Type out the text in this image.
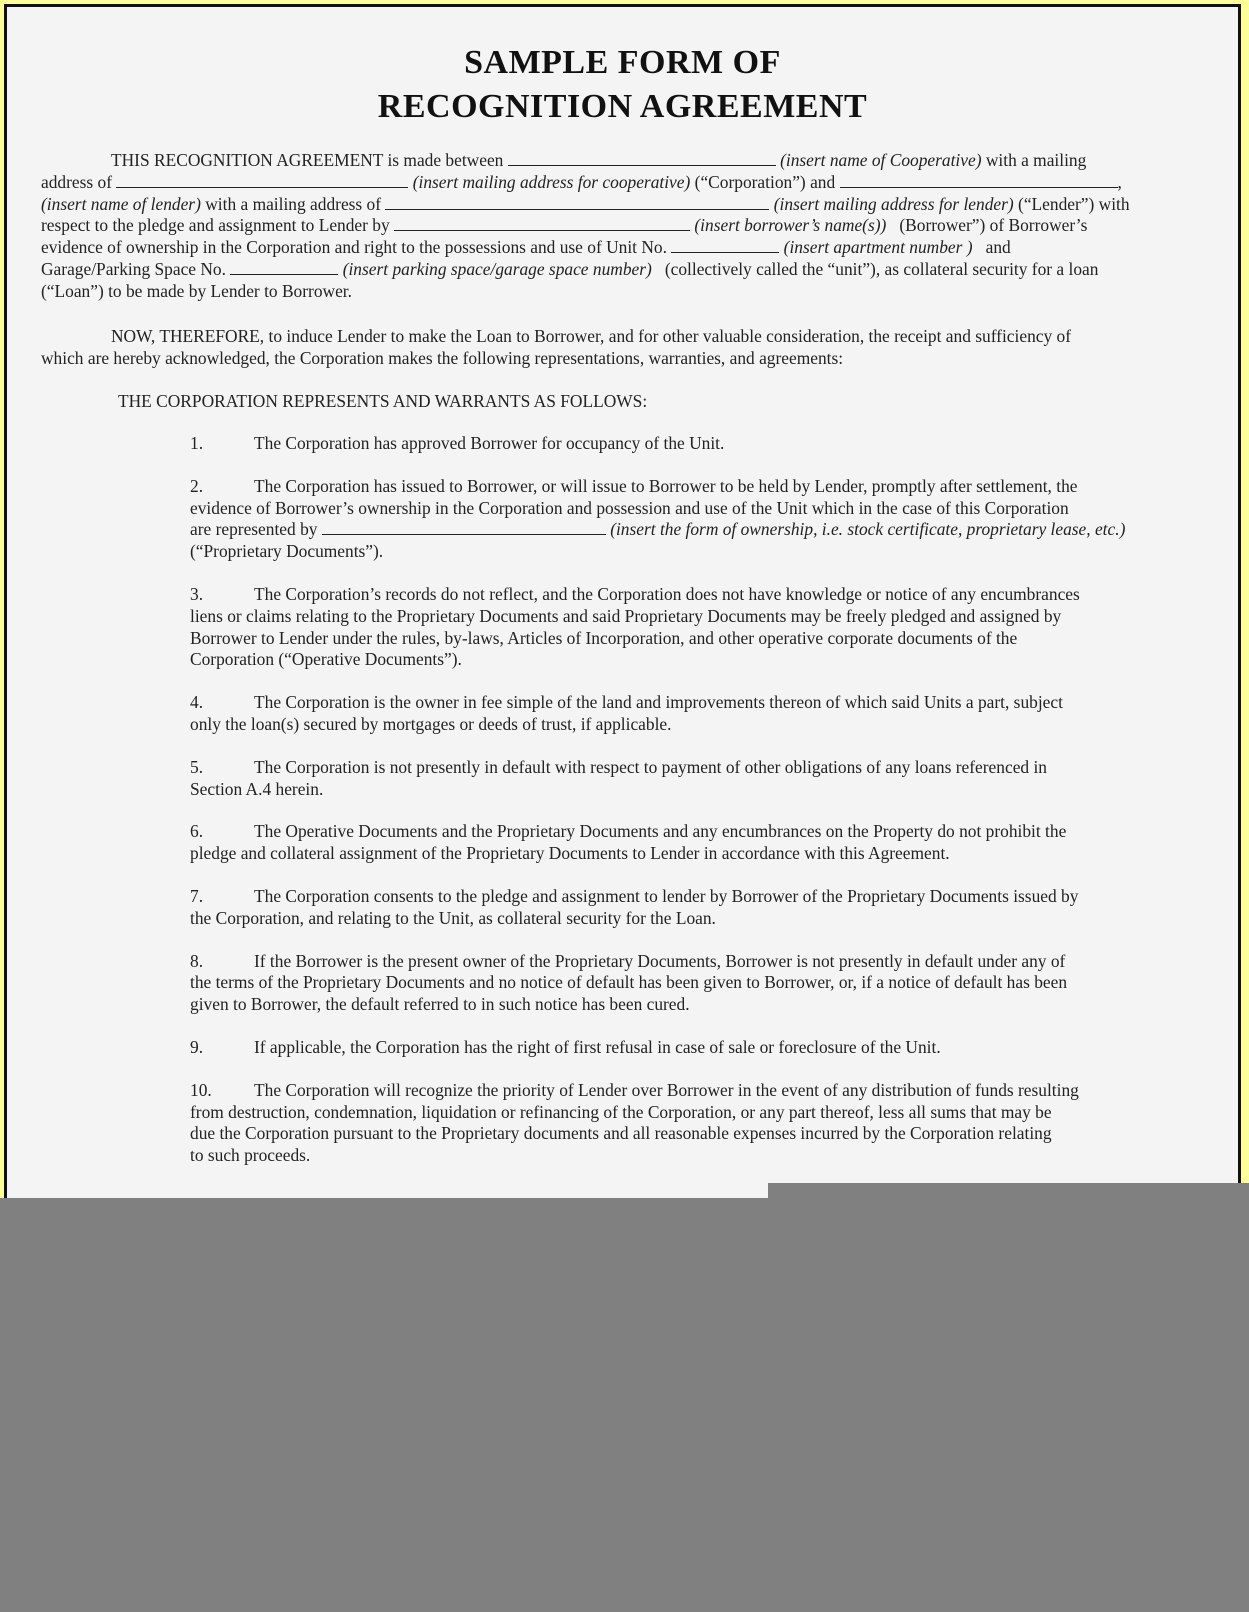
SAMPLE FORM OF
RECOGNITION AGREEMENT
THIS RECOGNITION AGREEMENT is made between	(insert name of Cooperative) with a mailing
address of	(insert mailing address for cooperative) (“Corporation”) and	,
(insert name of lender) with a mailing address of	(insert mailing address for lender) (“Lender”) with
respect to the pledge and assignment to Lender by	(insert borrower’s name(s)) (Borrower”) of Borrower’s
evidence of ownership in the Corporation and right to the possessions and use of Unit No.	(insert apartment number ) and
Garage/Parking Space No.	(insert parking space/garage space number) (collectively called the “unit”), as collateral security for a loan
(“Loan”) to be made by Lender to Borrower.
NOW, THEREFORE, to induce Lender to make the Loan to Borrower, and for other valuable consideration, the receipt and sufficiency of
which are hereby acknowledged, the Corporation makes the following representations, warranties, and agreements:
THE CORPORATION REPRESENTS AND WARRANTS AS FOLLOWS:
1.	The Corporation has approved Borrower for occupancy of the Unit.
2.	The Corporation has issued to Borrower, or will issue to Borrower to be held by Lender, promptly after settlement, the
evidence of Borrower’s ownership in the Corporation and possession and use of the Unit which in the case of this Corporation
are represented by	(insert the form of ownership, i.e. stock certificate, proprietary lease, etc.)
(“Proprietary Documents”).
3.	The Corporation’s records do not reflect, and the Corporation does not have knowledge or notice of any encumbrances
liens or claims relating to the Proprietary Documents and said Proprietary Documents may be freely pledged and assigned by
Borrower to Lender under the rules, by-laws, Articles of Incorporation, and other operative corporate documents of the
Corporation (“Operative Documents”).
4.	The Corporation is the owner in fee simple of the land and improvements thereon of which said Units a part, subject
only the loan(s) secured by mortgages or deeds of trust, if applicable.
5.	The Corporation is not presently in default with respect to payment of other obligations of any loans referenced in
Section A.4 herein.
6.	The Operative Documents and the Proprietary Documents and any encumbrances on the Property do not prohibit the
pledge and collateral assignment of the Proprietary Documents to Lender in accordance with this Agreement.
7.	The Corporation consents to the pledge and assignment to lender by Borrower of the Proprietary Documents issued by
the Corporation, and relating to the Unit, as collateral security for the Loan.
8.	If the Borrower is the present owner of the Proprietary Documents, Borrower is not presently in default under any of
the terms of the Proprietary Documents and no notice of default has been given to Borrower, or, if a notice of default has been
given to Borrower, the default referred to in such notice has been cured.
9.	If applicable, the Corporation has the right of first refusal in case of sale or foreclosure of the Unit.
10. The Corporation will recognize the priority of Lender over Borrower in the event of any distribution of funds resulting
from destruction, condemnation, liquidation or refinancing of the Corporation, or any part thereof, less all sums that may be
due the Corporation pursuant to the Proprietary documents and all reasonable expenses incurred by the Corporation relating
to such proceeds.
